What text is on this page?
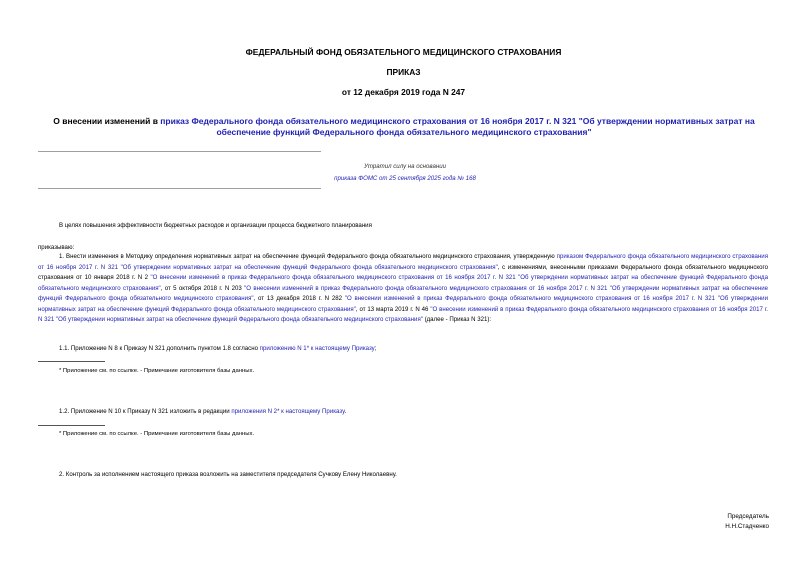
ФЕДЕРАЛЬНЫЙ ФОНД ОБЯЗАТЕЛЬНОГО МЕДИЦИНСКОГО СТРАХОВАНИЯ
ПРИКАЗ
от 12 декабря 2019 года N 247
О внесении изменений в приказ Федерального фонда обязательного медицинского страхования от 16 ноября 2017 г. N 321 "Об утверждении нормативных затрат на обеспечение функций Федерального фонда обязательного медицинского страхования"
Утратил силу на основании
приказа ФОМС от 25 сентября 2025 года № 168
В целях повышения эффективности бюджетных расходов и организации процесса бюджетного планирования
приказываю:
1. Внести изменения в Методику определения нормативных затрат на обеспечение функций Федерального фонда обязательного медицинского страхования, утвержденную приказом Федерального фонда обязательного медицинского страхования от 16 ноября 2017 г. N 321 "Об утверждении нормативных затрат на обеспечение функций Федерального фонда обязательного медицинского страхования", с изменениями, внесенными приказами Федерального фонда обязательного медицинского страхования от 10 января 2018 г. N 2 "О внесении изменений в приказ Федерального фонда обязательного медицинского страхования от 16 ноября 2017 г. N 321 "Об утверждении нормативных затрат на обеспечение функций Федерального фонда обязательного медицинского страхования", от 5 октября 2018 г. N 203 "О внесении изменений в приказ Федерального фонда обязательного медицинского страхования от 16 ноября 2017 г. N 321 "Об утверждении нормативных затрат на обеспечение функций Федерального фонда обязательного медицинского страхования", от 13 декабря 2018 г. N 282 "О внесении изменений в приказ Федерального фонда обязательного медицинского страхования от 16 ноября 2017 г. N 321 "Об утверждении нормативных затрат на обеспечение функций Федерального фонда обязательного медицинского страхования", от 13 марта 2019 г. N 46 "О внесении изменений в приказ Федерального фонда обязательного медицинского страхования от 16 ноября 2017 г. N 321 "Об утверждении нормативных затрат на обеспечение функций Федерального фонда обязательного медицинского страхования" (далее - Приказ N 321):
1.1. Приложение N 8 к Приказу N 321 дополнить пунктом 1.8 согласно приложению N 1* к настоящему Приказу;
* Приложение см. по ссылке. - Примечание изготовителя базы данных.
1.2. Приложение N 10 к Приказу N 321 изложить в редакции приложения N 2* к настоящему Приказу.
* Приложение см. по ссылке. - Примечание изготовителя базы данных.
2. Контроль за исполнением настоящего приказа возложить на заместителя председателя Сучкову Елену Николаевну.
Председатель
Н.Н.Стадченко
